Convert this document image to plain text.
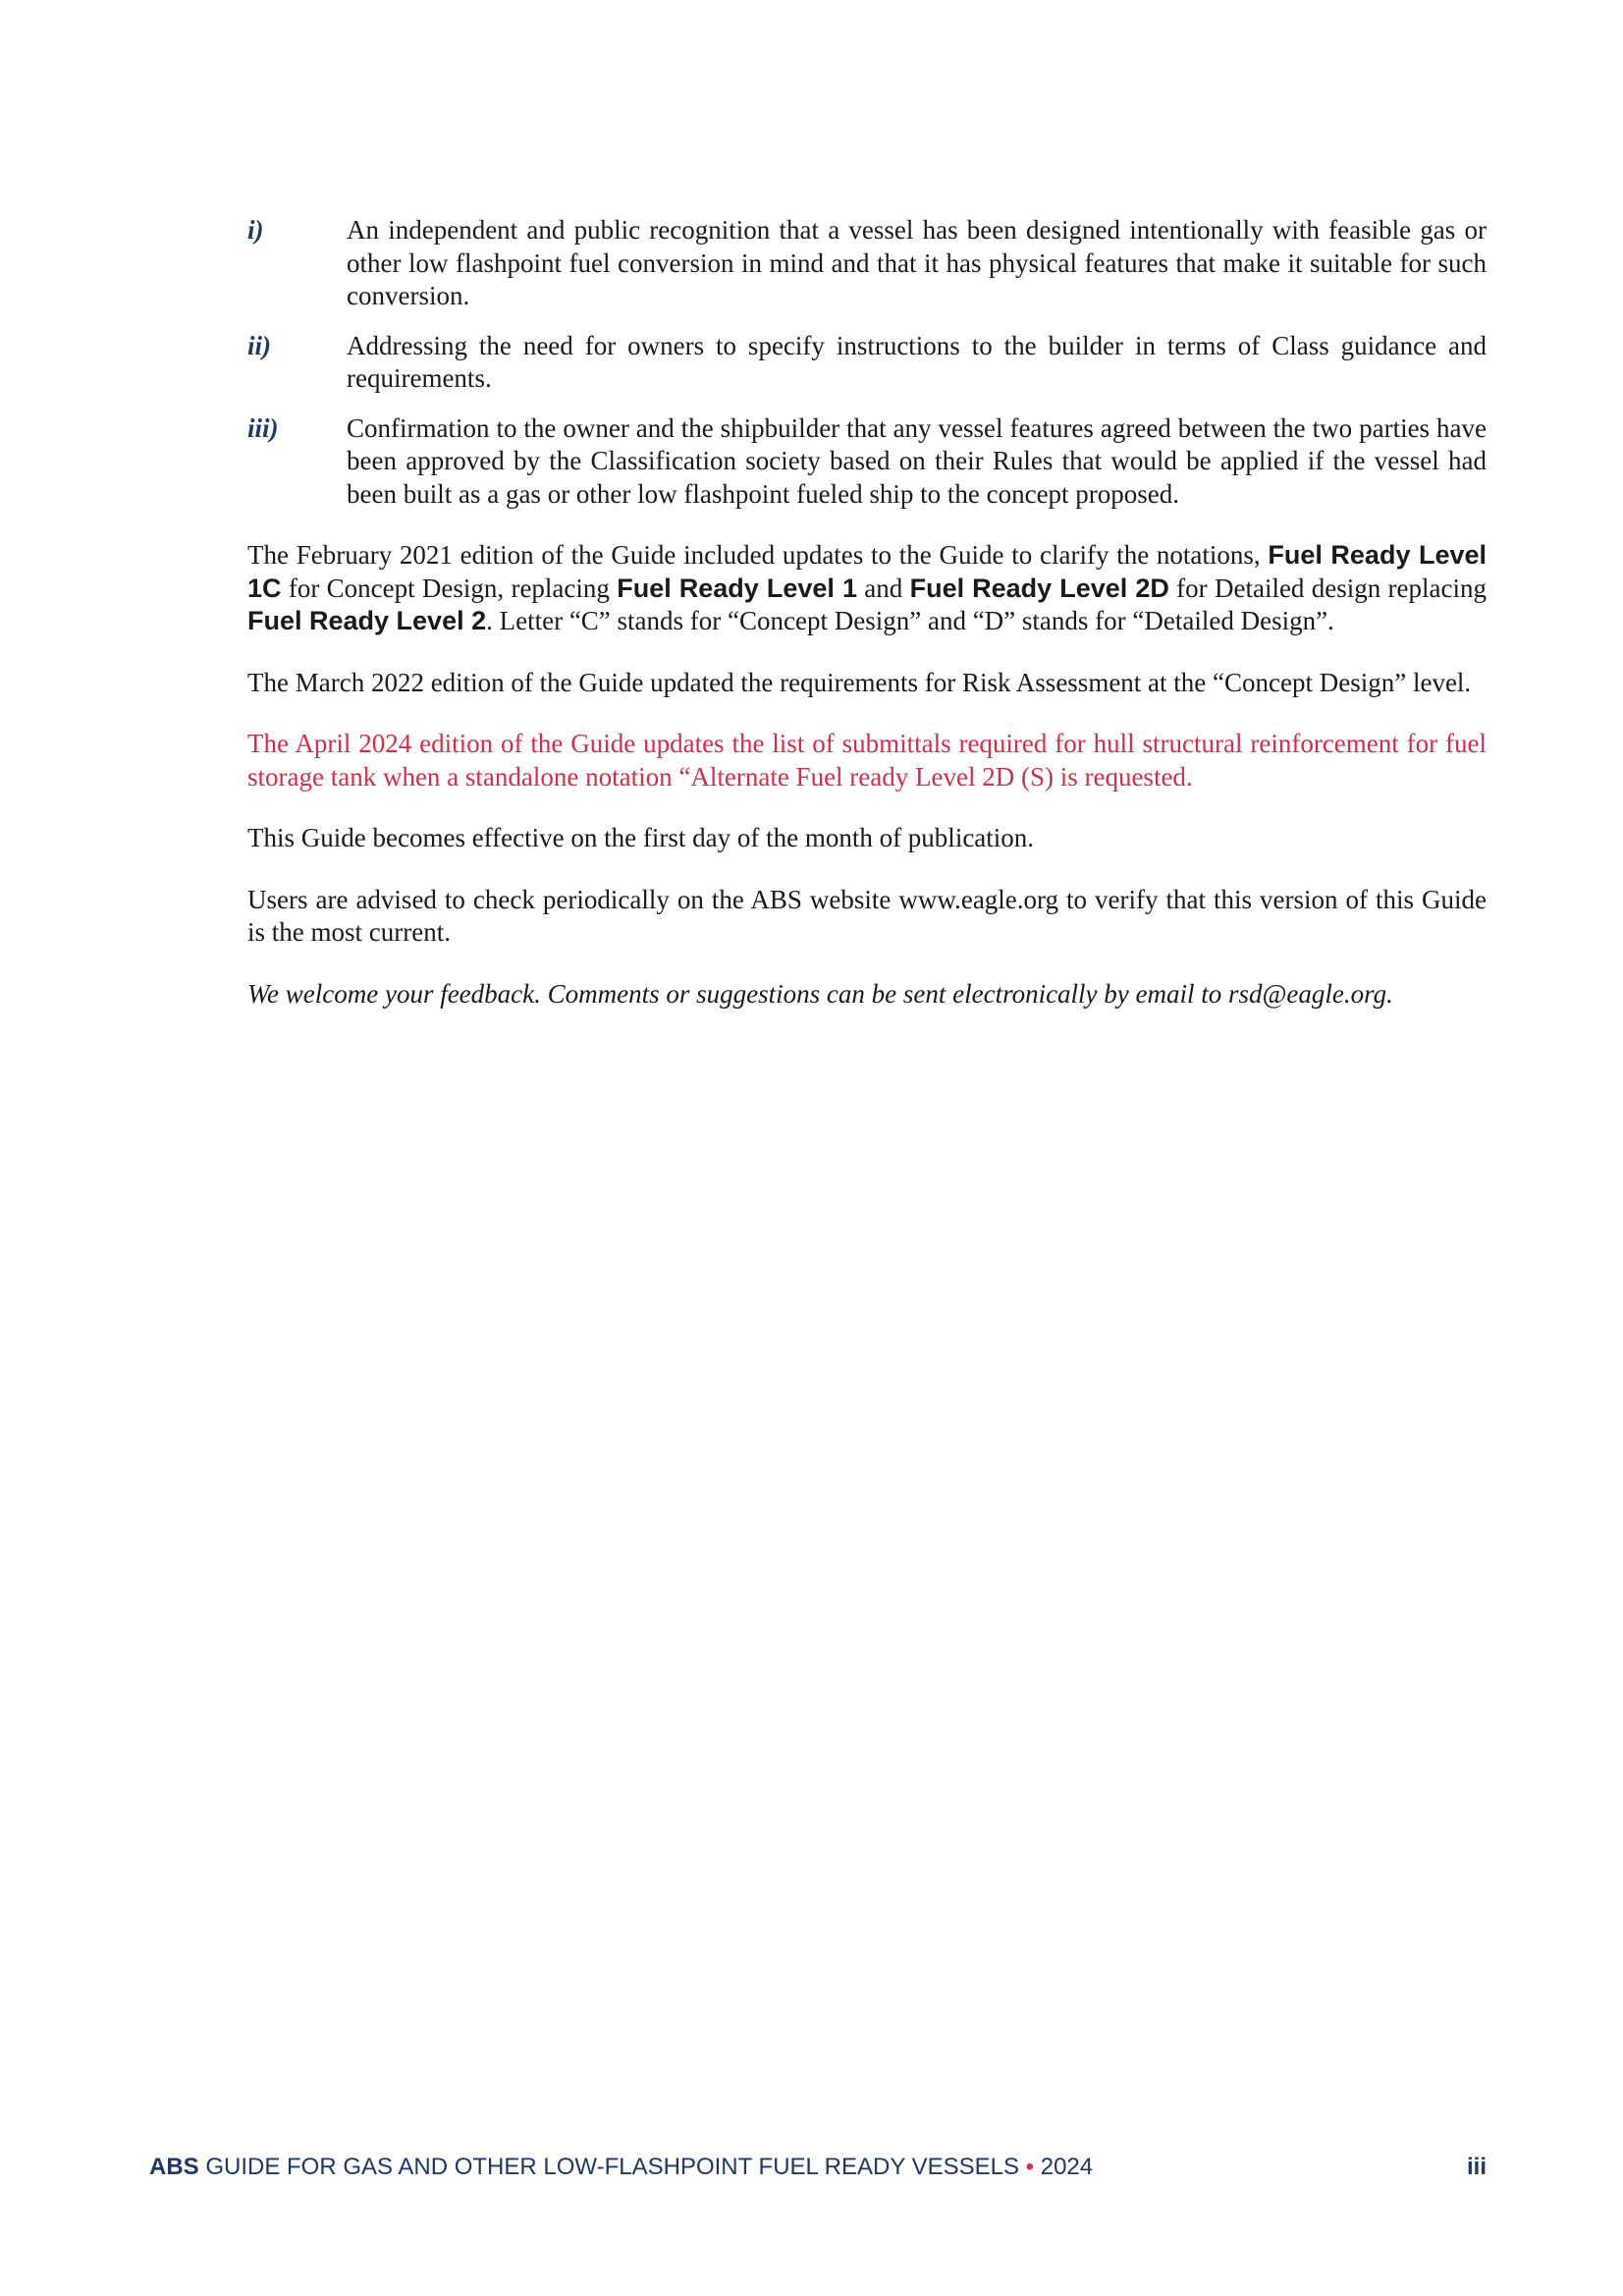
i)	An independent and public recognition that a vessel has been designed intentionally with feasible gas or other low flashpoint fuel conversion in mind and that it has physical features that make it suitable for such conversion.
ii)	Addressing the need for owners to specify instructions to the builder in terms of Class guidance and requirements.
iii)	Confirmation to the owner and the shipbuilder that any vessel features agreed between the two parties have been approved by the Classification society based on their Rules that would be applied if the vessel had been built as a gas or other low flashpoint fueled ship to the concept proposed.

The February 2021 edition of the Guide included updates to the Guide to clarify the notations, Fuel Ready Level 1C for Concept Design, replacing Fuel Ready Level 1 and Fuel Ready Level 2D for Detailed design replacing Fuel Ready Level 2. Letter “C” stands for “Concept Design” and “D” stands for “Detailed Design”.

The March 2022 edition of the Guide updated the requirements for Risk Assessment at the “Concept Design” level.

The April 2024 edition of the Guide updates the list of submittals required for hull structural reinforcement for fuel storage tank when a standalone notation “Alternate Fuel ready Level 2D (S) is requested.

This Guide becomes effective on the first day of the month of publication.

Users are advised to check periodically on the ABS website www.eagle.org to verify that this version of this Guide is the most current.

We welcome your feedback. Comments or suggestions can be sent electronically by email to rsd@eagle.org.

ABS GUIDE FOR GAS AND OTHER LOW-FLASHPOINT FUEL READY VESSELS • 2024	iii
